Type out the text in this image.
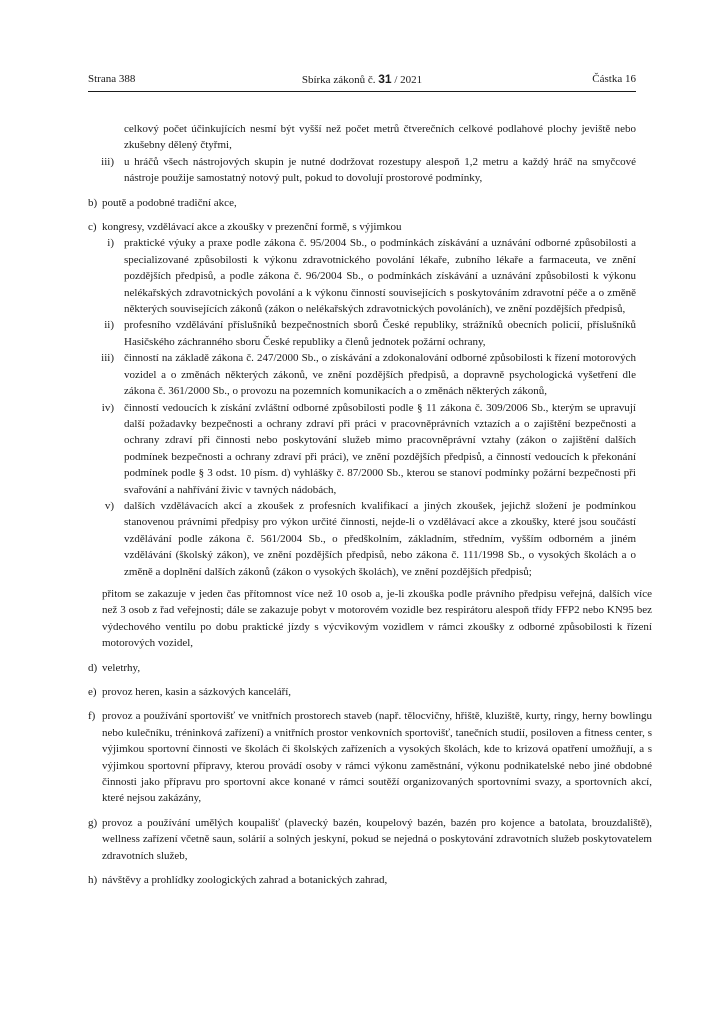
Strana 388	Sbírka zákonů č. 31 / 2021	Částka 16
celkový počet účinkujících nesmí být vyšší než počet metrů čtverečních celkové podlahové plochy jeviště nebo zkušebny dělený čtyřmi,
iii) u hráčů všech nástrojových skupin je nutné dodržovat rozestupy alespoň 1,2 metru a každý hráč na smyčcové nástroje použije samostatný notový pult, pokud to dovolují prostorové podmínky,
b) poutě a podobné tradiční akce,
c) kongresy, vzdělávací akce a zkoušky v prezenční formě, s výjimkou
i) praktické výuky a praxe podle zákona č. 95/2004 Sb., o podmínkách získávání a uznávání odborné způsobilosti a specializované způsobilosti k výkonu zdravotnického povolání lékaře, zubního lékaře a farmaceuta, ve znění pozdějších předpisů, a podle zákona č. 96/2004 Sb., o podmínkách získávání a uznávání způsobilosti k výkonu nelékařských zdravotnických povolání a k výkonu činností souvisejících s poskytováním zdravotní péče a o změně některých souvisejících zákonů (zákon o nelékařských zdravotnických povoláních), ve znění pozdějších předpisů,
ii) profesního vzdělávání příslušníků bezpečnostních sborů České republiky, strážníků obecních policií, příslušníků Hasičského záchranného sboru České republiky a členů jednotek požární ochrany,
iii) činností na základě zákona č. 247/2000 Sb., o získávání a zdokonalování odborné způsobilosti k řízení motorových vozidel a o změnách některých zákonů, ve znění pozdějších předpisů, a dopravně psychologická vyšetření dle zákona č. 361/2000 Sb., o provozu na pozemních komunikacích a o změnách některých zákonů,
iv) činností vedoucích k získání zvláštní odborné způsobilosti podle § 11 zákona č. 309/2006 Sb., kterým se upravují další požadavky bezpečnosti a ochrany zdraví při práci v pracovněprávních vztazích a o zajištění bezpečnosti a ochrany zdraví při činnosti nebo poskytování služeb mimo pracovněprávní vztahy (zákon o zajištění dalších podmínek bezpečnosti a ochrany zdraví při práci), ve znění pozdějších předpisů, a činností vedoucích k překonání podmínek podle § 3 odst. 10 písm. d) vyhlášky č. 87/2000 Sb., kterou se stanoví podmínky požární bezpečnosti při svařování a nahřívání živic v tavných nádobách,
v) dalších vzdělávacích akcí a zkoušek z profesních kvalifikací a jiných zkoušek, jejichž složení je podmínkou stanovenou právními předpisy pro výkon určité činnosti, nejde-li o vzdělávací akce a zkoušky, které jsou součástí vzdělávání podle zákona č. 561/2004 Sb., o předškolním, základním, středním, vyšším odborném a jiném vzdělávání (školský zákon), ve znění pozdějších předpisů, nebo zákona č. 111/1998 Sb., o vysokých školách a o změně a doplnění dalších zákonů (zákon o vysokých školách), ve znění pozdějších předpisů;
přitom se zakazuje v jeden čas přítomnost více než 10 osob a, je-li zkouška podle právního předpisu veřejná, dalších více než 3 osob z řad veřejnosti; dále se zakazuje pobyt v motorovém vozidle bez respirátoru alespoň třídy FFP2 nebo KN95 bez výdechového ventilu po dobu praktické jízdy s výcvikovým vozidlem v rámci zkoušky z odborné způsobilosti k řízení motorových vozidel,
d) veletrhy,
e) provoz heren, kasin a sázkových kanceláří,
f) provoz a používání sportovišť ve vnitřních prostorech staveb (např. tělocvičny, hřiště, kluziště, kurty, ringy, herny bowlingu nebo kulečníku, tréninková zařízení) a vnitřních prostor venkovních sportovišť, tanečních studií, posiloven a fitness center, s výjimkou sportovní činnosti ve školách či školských zařízeních a vysokých školách, kde to krizová opatření umožňují, a s výjimkou sportovní přípravy, kterou provádí osoby v rámci výkonu zaměstnání, výkonu podnikatelské nebo jiné obdobné činnosti jako přípravu pro sportovní akce konané v rámci soutěží organizovaných sportovními svazy, a sportovních akcí, které nejsou zakázány,
g) provoz a používání umělých koupališť (plavecký bazén, koupelový bazén, bazén pro kojence a batolata, brouzdaliště), wellness zařízení včetně saun, solárií a solných jeskyní, pokud se nejedná o poskytování zdravotních služeb poskytovatelem zdravotních služeb,
h) návštěvy a prohlídky zoologických zahrad a botanických zahrad,
